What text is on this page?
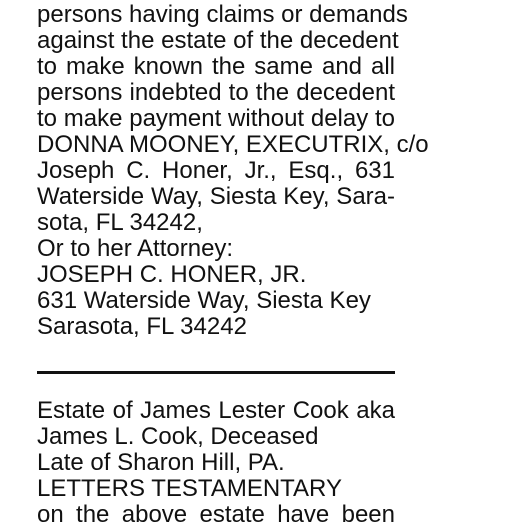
persons having claims or demands
against the estate of the decedent
to make known the same and all
persons indebted to the decedent
to make payment without delay to
DONNA MOONEY, EXECUTRIX, c/o
Joseph C. Honer, Jr., Esq., 631
Waterside Way, Siesta Key, Sara-
sota, FL 34242,
Or to her Attorney:
JOSEPH C. HONER, JR.
631 Waterside Way, Siesta Key
Sarasota, FL 34242
Estate of James Lester Cook aka
James L. Cook, Deceased
Late of Sharon Hill, PA.
LETTERS TESTAMENTARY
on the above estate have been
